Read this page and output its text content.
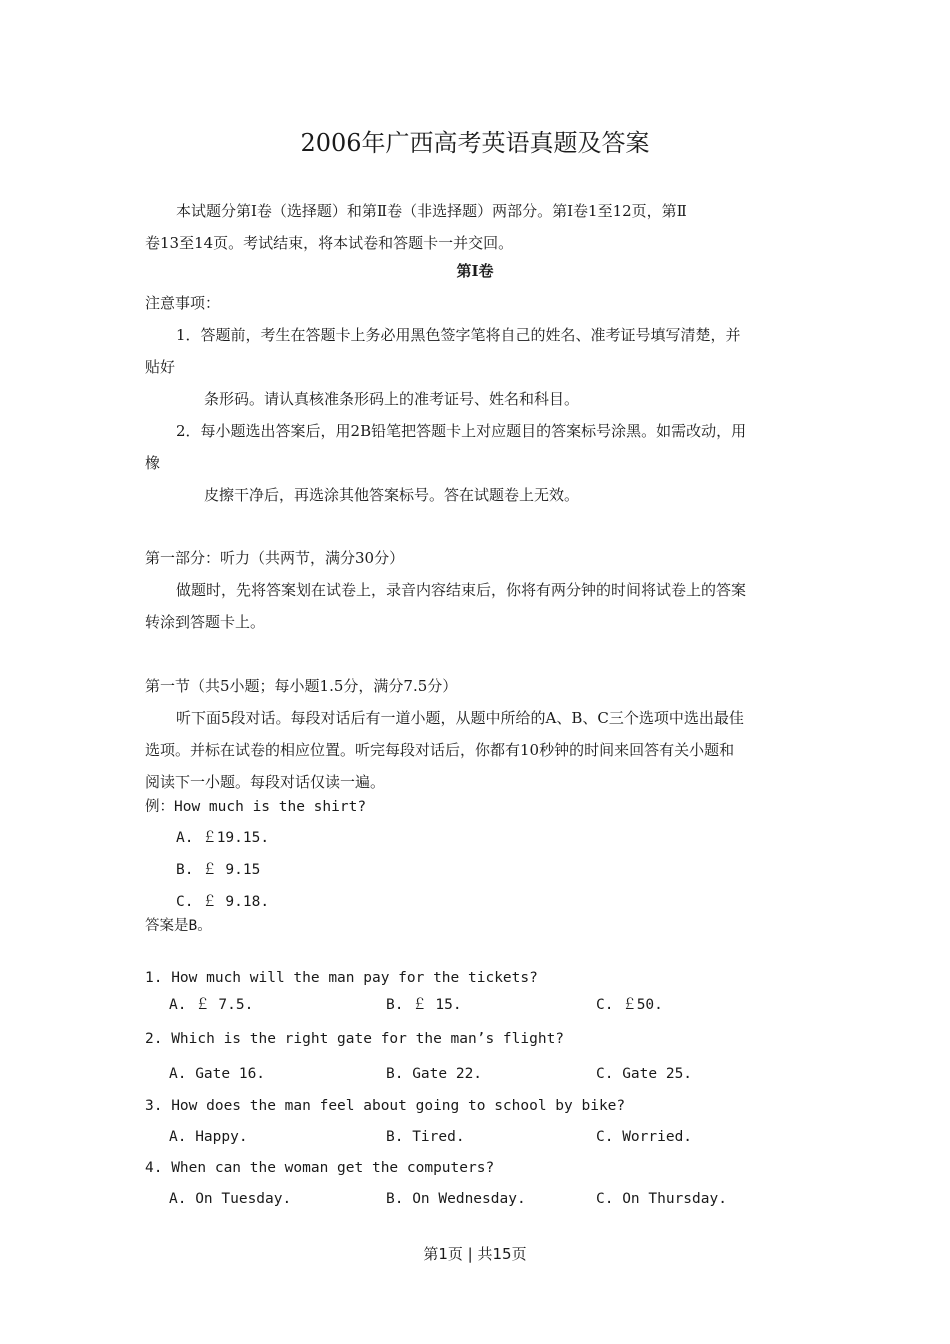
2006年广西高考英语真题及答案
本试题分第Ⅰ卷（选择题）和第Ⅱ卷（非选择题）两部分。第Ⅰ卷1至12页，第Ⅱ
卷13至14页。考试结束，将本试卷和答题卡一并交回。
第Ⅰ卷
注意事项：
1．答题前，考生在答题卡上务必用黑色签字笔将自己的姓名、准考证号填写清楚，并
贴好
条形码。请认真核准条形码上的准考证号、姓名和科目。
2．每小题选出答案后，用2B铅笔把答题卡上对应题目的答案标号涂黑。如需改动，用
橡
皮擦干净后，再选涂其他答案标号。答在试题卷上无效。
第一部分：听力（共两节，满分30分）
做题时，先将答案划在试卷上，录音内容结束后，你将有两分钟的时间将试卷上的答案
转涂到答题卡上。
第一节（共5小题；每小题1.5分，满分7.5分）
听下面5段对话。每段对话后有一道小题，从题中所给的A、B、C三个选项中选出最佳
选项。并标在试卷的相应位置。听完每段对话后，你都有10秒钟的时间来回答有关小题和
阅读下一小题。每段对话仅读一遍。
例：How much is the shirt?
A. ￡19.15.
B. ￡ 9.15
C. ￡ 9.18.
答案是B。
1. How much will the man pay for the tickets?
A. ￡ 7.5.	B. ￡ 15.	C. ￡50.
2. Which is the right gate for the man’s flight?
A. Gate 16.	B. Gate 22.	C. Gate 25.
3. How does the man feel about going to school by bike?
A. Happy.	B. Tired.	C. Worried.
4. When can the woman get the computers?
A. On Tuesday.	B. On Wednesday.	C. On Thursday.
第1页 | 共15页
